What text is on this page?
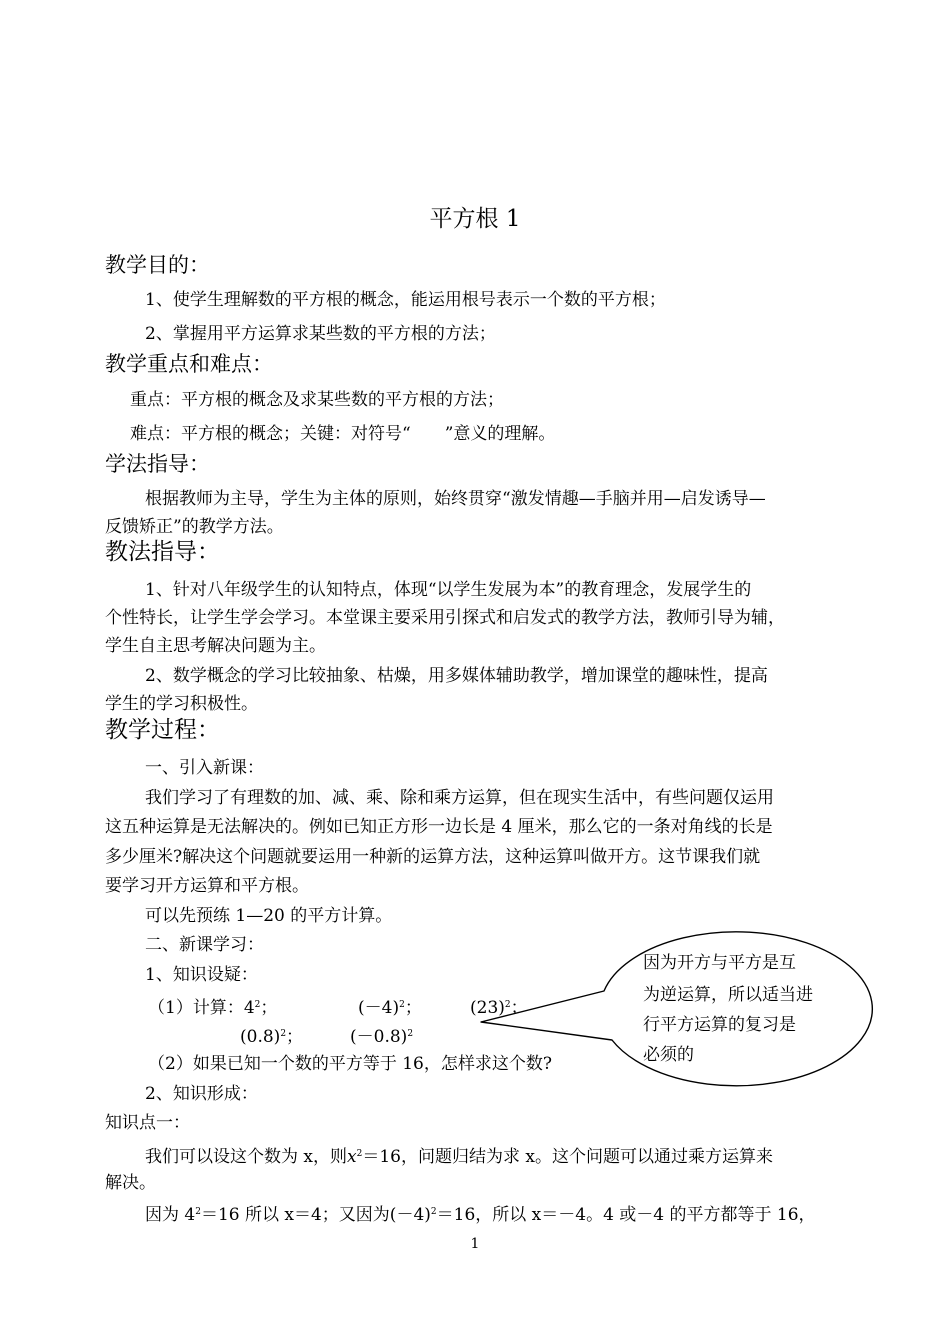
平方根 1
教学目的：
1、使学生理解数的平方根的概念，能运用根号表示一个数的平方根；
2、掌握用平方运算求某些数的平方根的方法；
教学重点和难点：
重点：平方根的概念及求某些数的平方根的方法；
难点：平方根的概念；关键：对符号“　　”意义的理解。
学法指导：
根据教师为主导，学生为主体的原则，始终贯穿“激发情趣—手脑并用—启发诱导—
反馈矫正”的教学方法。
教法指导：
1、针对八年级学生的认知特点，体现“以学生发展为本”的教育理念，发展学生的
个性特长，让学生学会学习。本堂课主要采用引探式和启发式的教学方法，教师引导为辅，
学生自主思考解决问题为主。
2、数学概念的学习比较抽象、枯燥，用多媒体辅助教学，增加课堂的趣味性，提高
学生的学习积极性。
教学过程：
一、引入新课：
我们学习了有理数的加、减、乘、除和乘方运算，但在现实生活中，有些问题仅运用
这五种运算是无法解决的。例如已知正方形一边长是 4 厘米，那么它的一条对角线的长是
多少厘米?解决这个问题就要运用一种新的运算方法，这种运算叫做开方。这节课我们就
要学习开方运算和平方根。
可以先预练 1—20 的平方计算。
二、新课学习：
1、知识设疑：
（1）计算：$4^2$；	$(-4)^2$；	$(23)^2$；
$(0.8)^2$；	$(-0.8)^2$
（2）如果已知一个数的平方等于 16，怎样求这个数?
2、知识形成：
知识点一：
我们可以设这个数为 x，则$x^2=16$，问题归结为求 x。这个问题可以通过乘方运算来
解决。
因为 $4^2=16$ 所以 x＝4；又因为$(-4)^2=16$，所以 x＝－4。4 或－4 的平方都等于 16，
因为开方与平方是互
为逆运算，所以适当进
行平方运算的复习是
必须的
1
